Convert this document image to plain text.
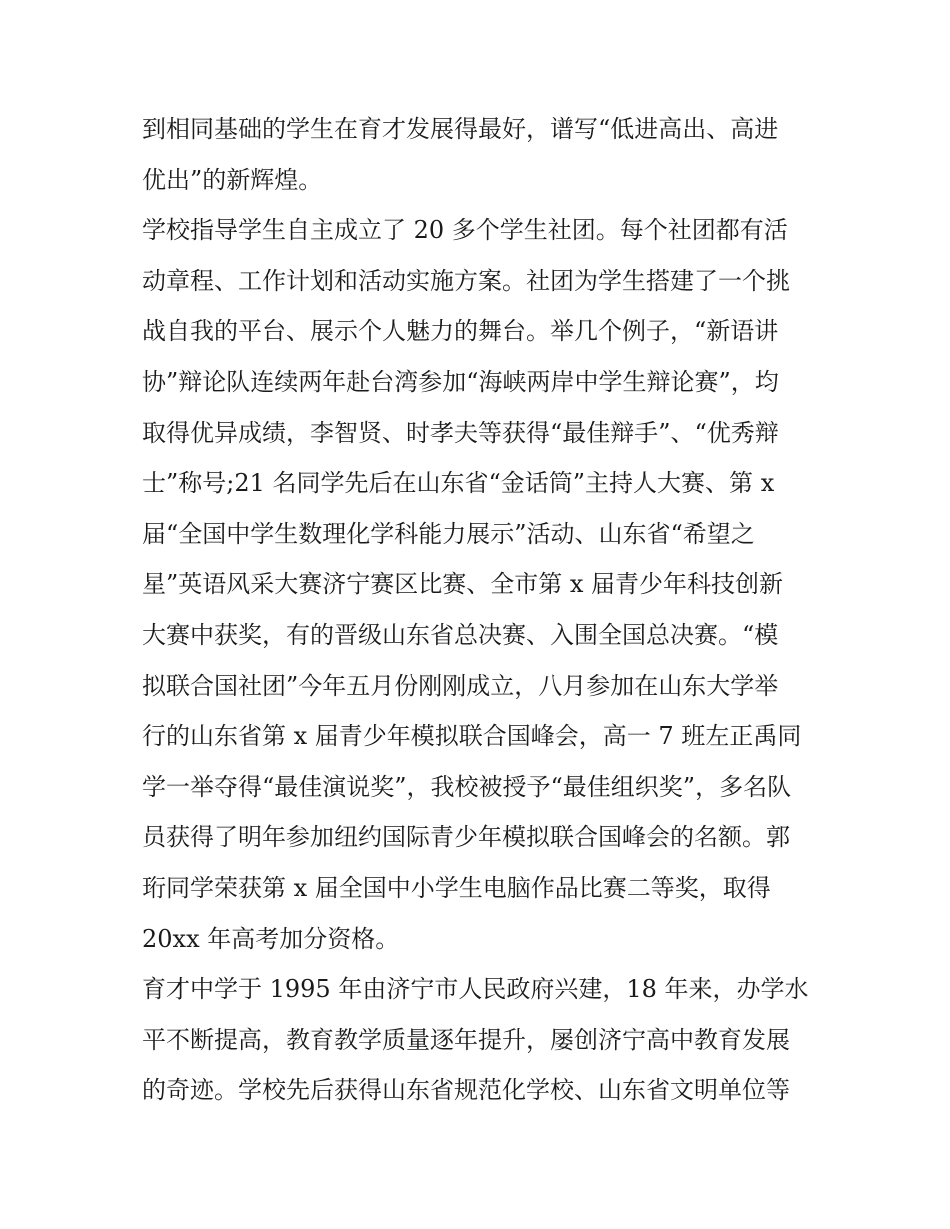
到相同基础的学生在育才发展得最好，谱写“低进高出、高进
优出”的新辉煌。
学校指导学生自主成立了 20 多个学生社团。每个社团都有活
动章程、工作计划和活动实施方案。社团为学生搭建了一个挑
战自我的平台、展示个人魅力的舞台。举几个例子，“新语讲
协”辩论队连续两年赴台湾参加“海峡两岸中学生辩论赛”，均
取得优异成绩，李智贤、时孝夫等获得“最佳辩手”、“优秀辩
士”称号;21 名同学先后在山东省“金话筒”主持人大赛、第 x
届“全国中学生数理化学科能力展示”活动、山东省“希望之
星”英语风采大赛济宁赛区比赛、全市第 x 届青少年科技创新
大赛中获奖，有的晋级山东省总决赛、入围全国总决赛。“模
拟联合国社团”今年五月份刚刚成立，八月参加在山东大学举
行的山东省第 x 届青少年模拟联合国峰会，高一 7 班左正禹同
学一举夺得“最佳演说奖”，我校被授予“最佳组织奖”，多名队
员获得了明年参加纽约国际青少年模拟联合国峰会的名额。郭
珩同学荣获第 x 届全国中小学生电脑作品比赛二等奖，取得
20xx 年高考加分资格。
育才中学于 1995 年由济宁市人民政府兴建，18 年来，办学水
平不断提高，教育教学质量逐年提升，屡创济宁高中教育发展
的奇迹。学校先后获得山东省规范化学校、山东省文明单位等
